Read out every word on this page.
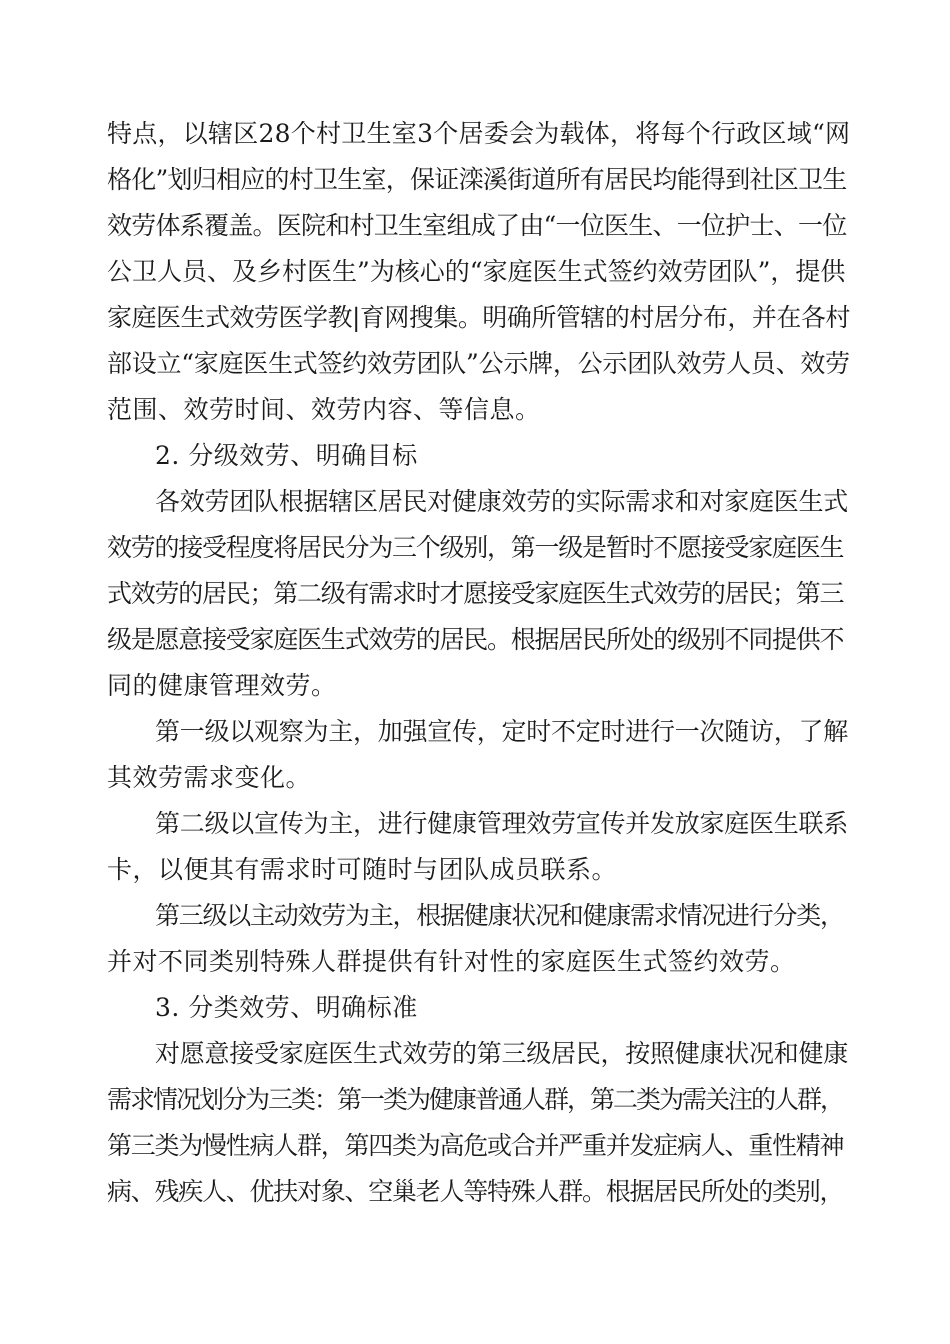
特点，以辖区28个村卫生室3个居委会为载体，将每个行政区域“网
格化”划归相应的村卫生室，保证滦溪街道所有居民均能得到社区卫生
效劳体系覆盖。医院和村卫生室组成了由“一位医生、一位护士、一位
公卫人员、及乡村医生”为核心的“家庭医生式签约效劳团队”，提供
家庭医生式效劳医学教|育网搜集。明确所管辖的村居分布，并在各村
部设立“家庭医生式签约效劳团队”公示牌，公示团队效劳人员、效劳
范围、效劳时间、效劳内容、等信息。
2. 分级效劳、明确目标
各效劳团队根据辖区居民对健康效劳的实际需求和对家庭医生式
效劳的接受程度将居民分为三个级别，第一级是暂时不愿接受家庭医生
式效劳的居民；第二级有需求时才愿接受家庭医生式效劳的居民；第三
级是愿意接受家庭医生式效劳的居民。根据居民所处的级别不同提供不
同的健康管理效劳。
第一级以观察为主，加强宣传，定时不定时进行一次随访，了解
其效劳需求变化。
第二级以宣传为主，进行健康管理效劳宣传并发放家庭医生联系
卡，以便其有需求时可随时与团队成员联系。
第三级以主动效劳为主，根据健康状况和健康需求情况进行分类，
并对不同类别特殊人群提供有针对性的家庭医生式签约效劳。
3. 分类效劳、明确标准
对愿意接受家庭医生式效劳的第三级居民，按照健康状况和健康
需求情况划分为三类：第一类为健康普通人群，第二类为需关注的人群，
第三类为慢性病人群，第四类为高危或合并严重并发症病人、重性精神
病、残疾人、优扶对象、空巢老人等特殊人群。根据居民所处的类别，
